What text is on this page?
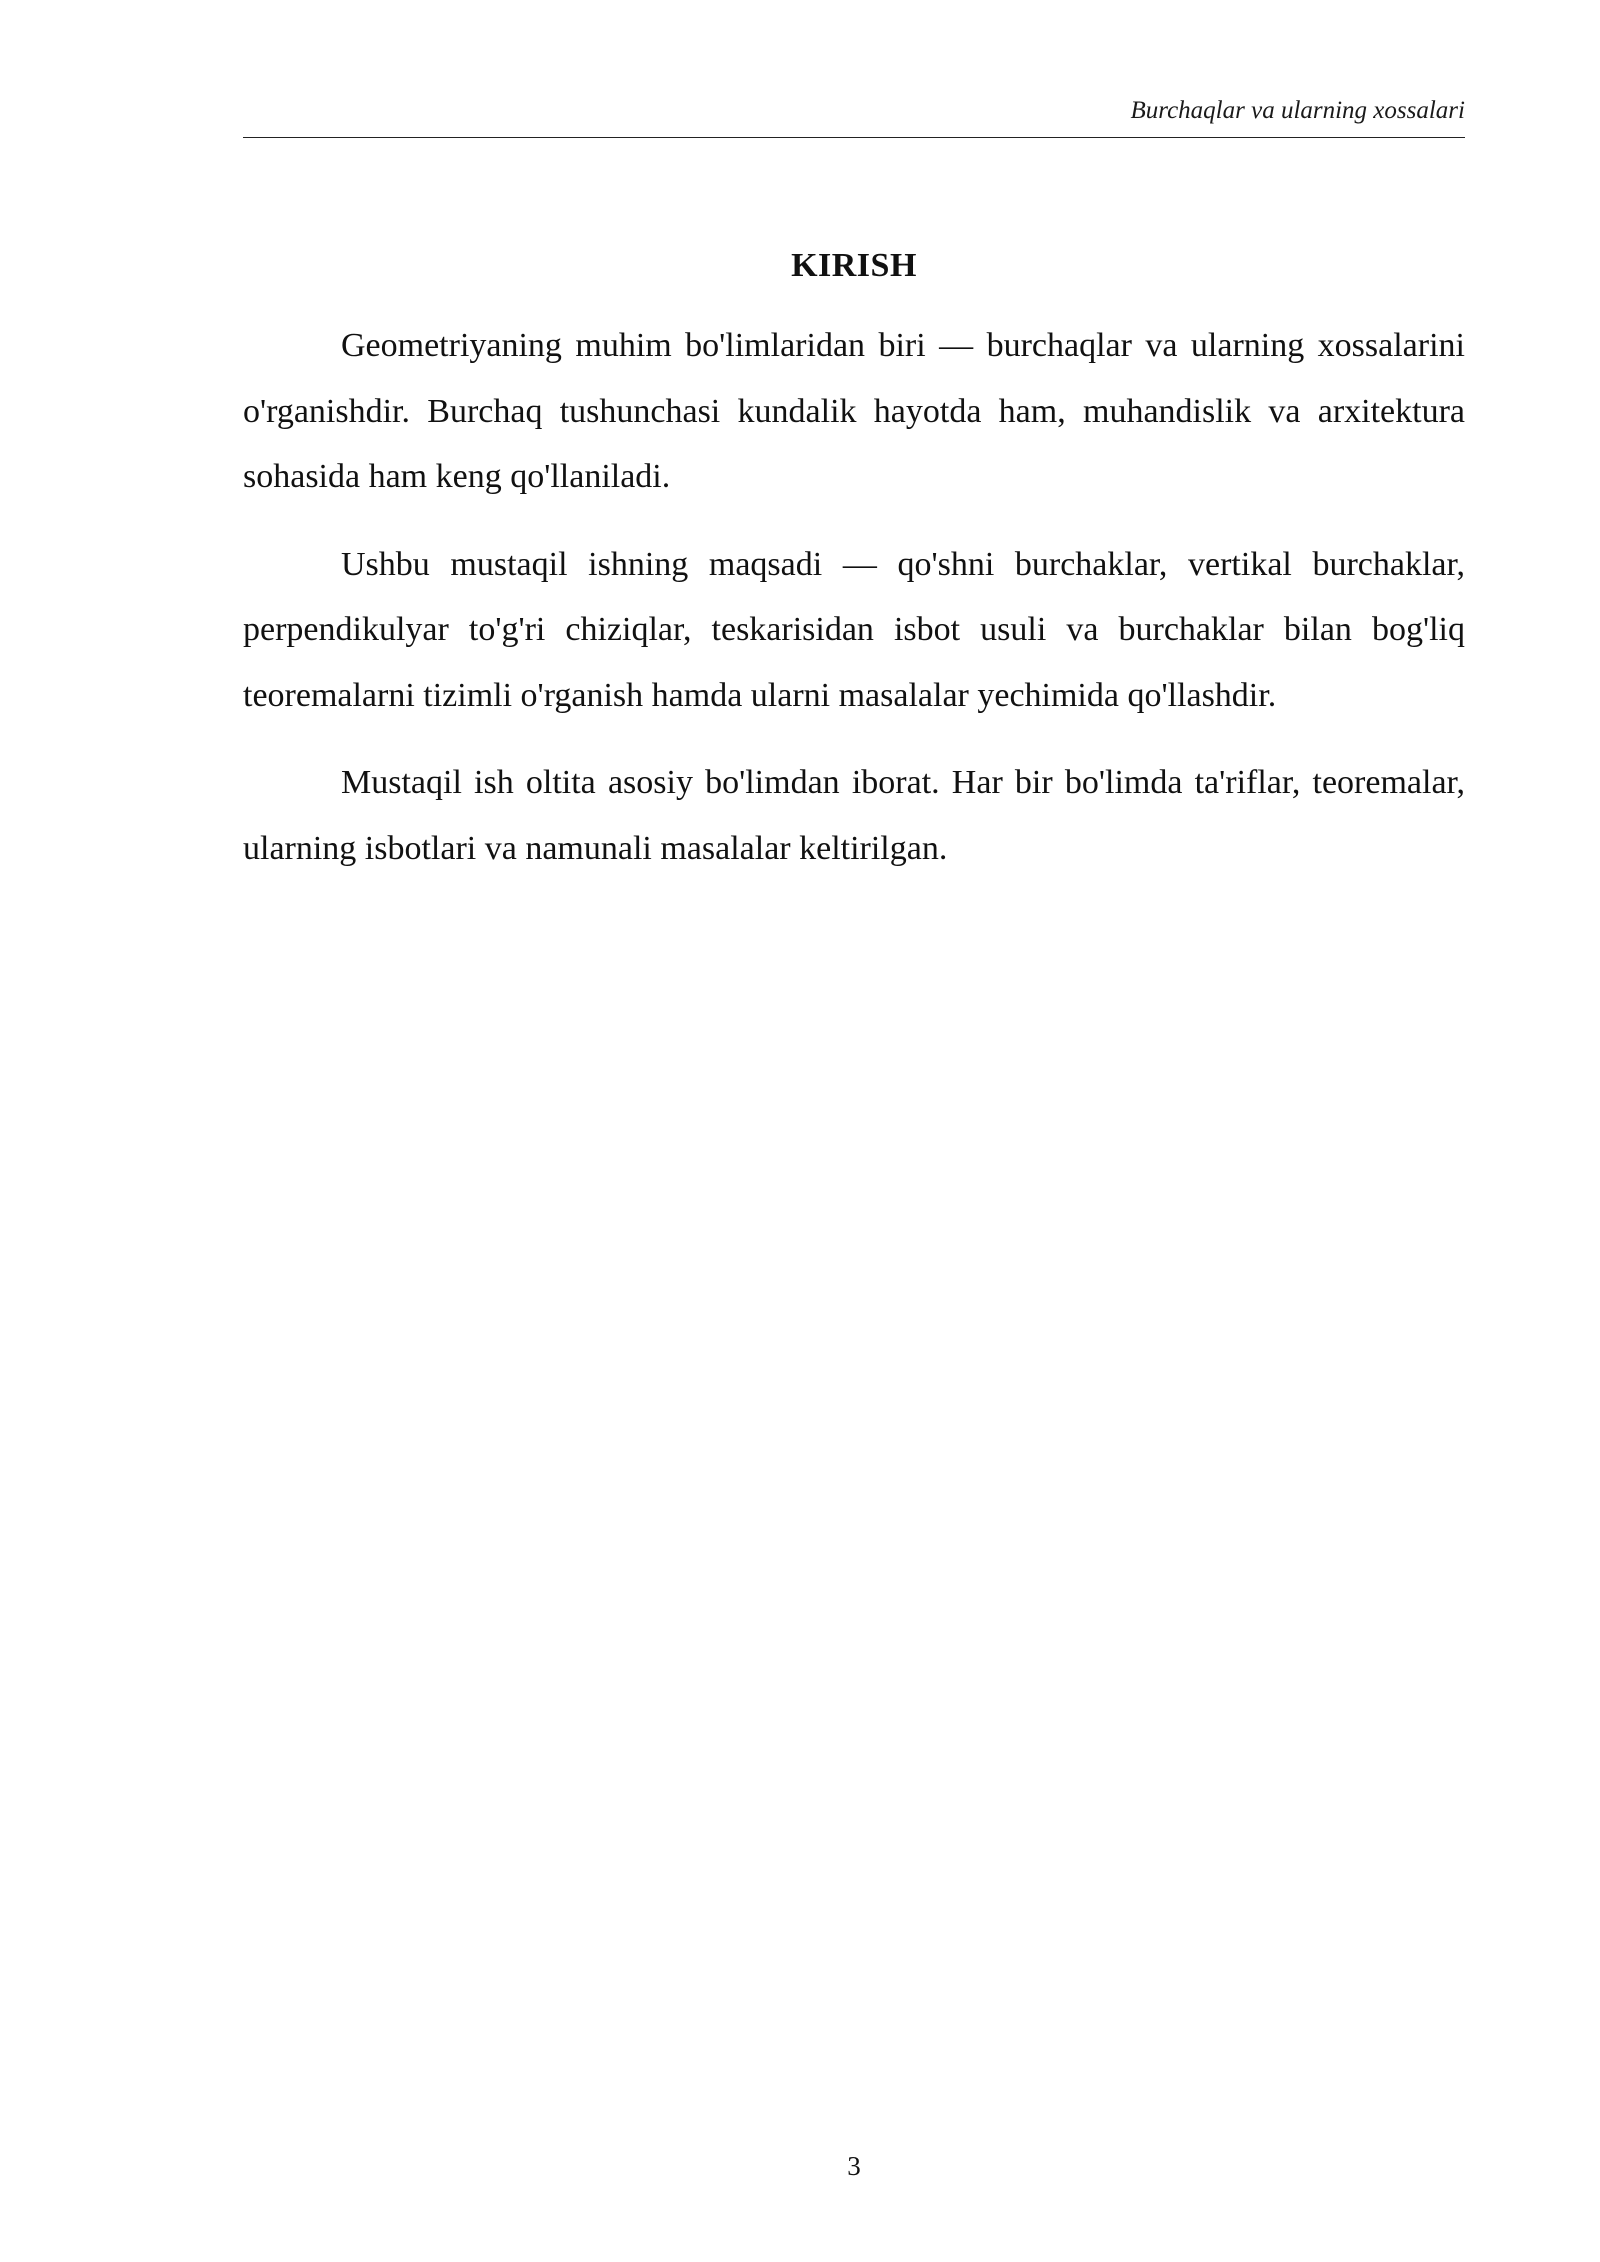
Burchaqlar va ularning xossalari
KIRISH

Geometriyaning muhim bo'limlaridan biri — burchaqlar va ularning xossalarini o'rganishdir. Burchaq tushunchasi kundalik hayotda ham, muhandislik va arxitektura sohasida ham keng qo'llaniladi.

Ushbu mustaqil ishning maqsadi — qo'shni burchaklar, vertikal burchaklar, perpendikulyar to'g'ri chiziqlar, teskarisidan isbot usuli va burchaklar bilan bog'liq teoremalarni tizimli o'rganish hamda ularni masalalar yechimida qo'llashdir.

Mustaqil ish oltita asosiy bo'limdan iborat. Har bir bo'limda ta'riflar, teoremalar, ularning isbotlari va namunali masalalar keltirilgan.

3
